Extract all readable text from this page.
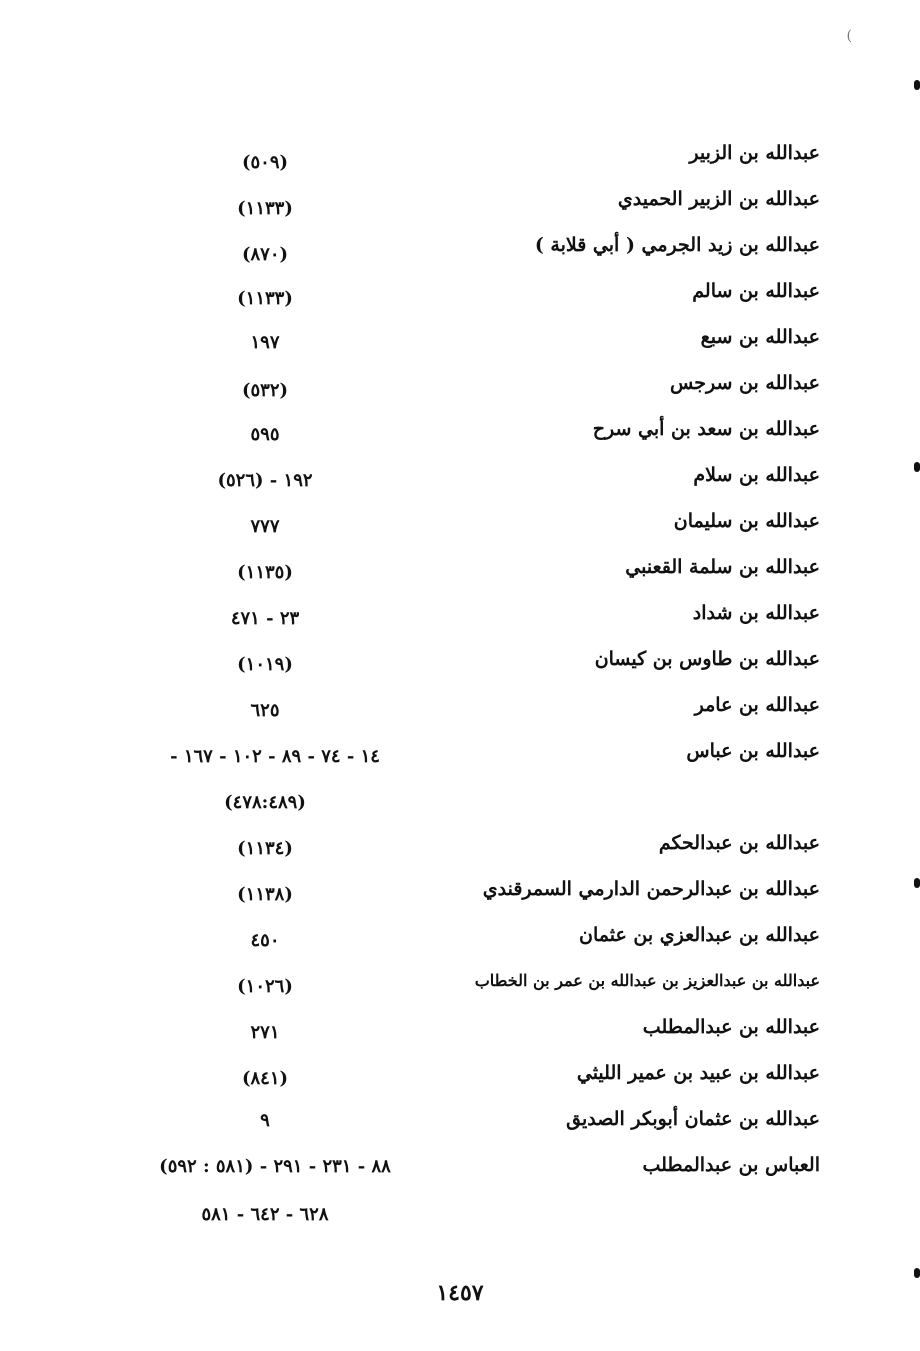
(
عبدالله بن الزبير
(٥٠٩)
عبدالله بن الزبير الحميدي
(١١٣٣)
عبدالله بن زيد الجرمي ( أبي قلابة )
(٨٧٠)
عبدالله بن سالم
(١١٣٣)
عبدالله بن سبع
١٩٧
عبدالله بن سرجس
(٥٣٢)
عبدالله بن سعد بن أبي سرح
٥٩٥
عبدالله بن سلام
١٩٢ - (٥٢٦)
عبدالله بن سليمان
٧٧٧
عبدالله بن سلمة القعنبي
(١١٣٥)
عبدالله بن شداد
٢٣ - ٤٧١
عبدالله بن طاوس بن كيسان
(١٠١٩)
عبدالله بن عامر
٦٢٥
عبدالله بن عباس
١٤ - ٧٤ - ٨٩ - ١٠٢ - ١٦٧ -
(٤٧٨:٤٨٩)
عبدالله بن عبدالحكم
(١١٣٤)
عبدالله بن عبدالرحمن الدارمي السمرقندي
(١١٣٨)
عبدالله بن عبدالعزي بن عثمان
٤٥٠
عبدالله بن عبدالعزيز بن عبدالله بن عمر بن الخطاب
(١٠٢٦)
عبدالله بن عبدالمطلب
٢٧١
عبدالله بن عبيد بن عمير الليثي
(٨٤١)
عبدالله بن عثمان أبوبكر الصديق
٩
العباس بن عبدالمطلب
٨٨ - ٢٣١ - ٢٩١ - (٥٨١ : ٥٩٢)
٦٢٨ - ٦٤٢ - ٥٨١
١٤٥٧
